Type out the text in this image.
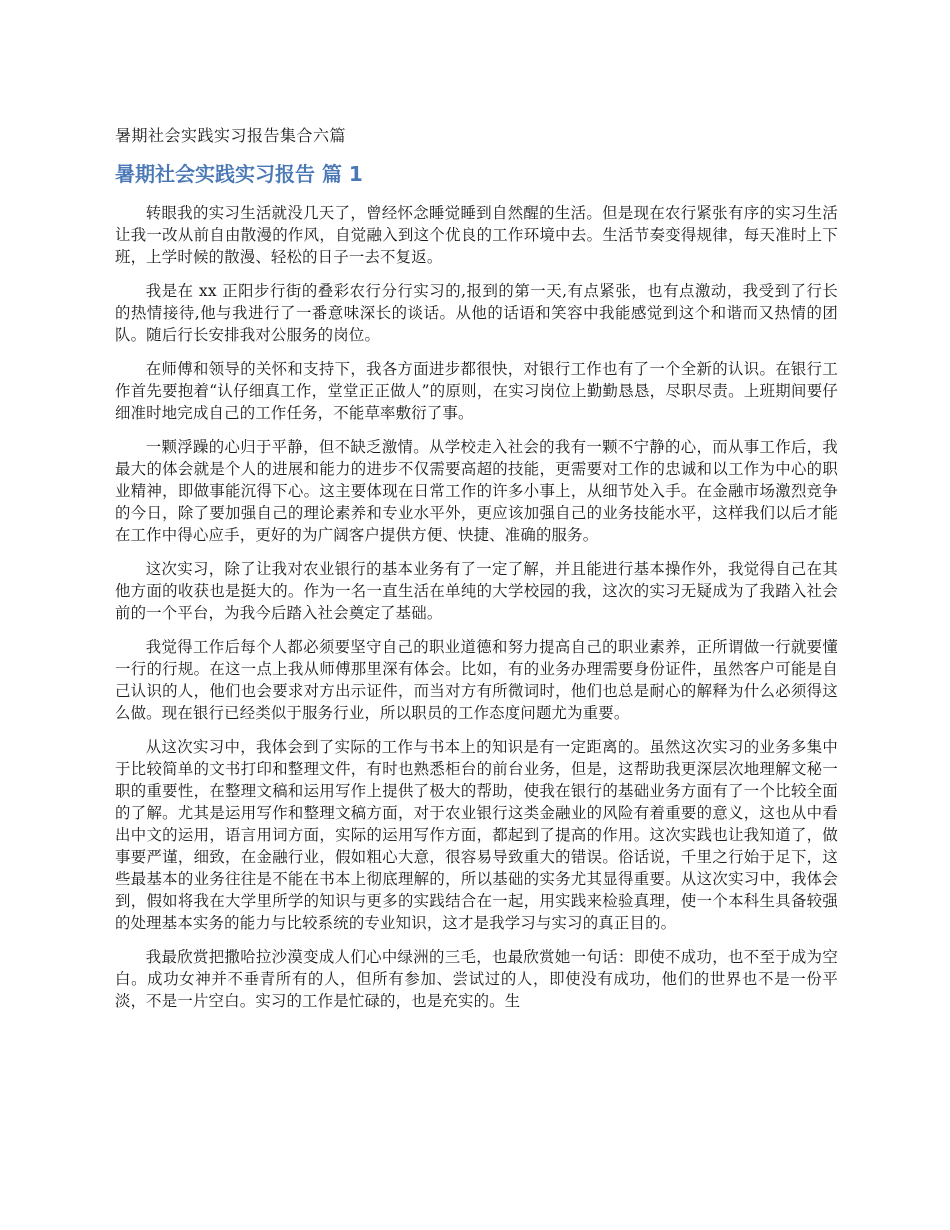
暑期社会实践实习报告集合六篇
暑期社会实践实习报告 篇 1

转眼我的实习生活就没几天了，曾经怀念睡觉睡到自然醒的生活。但是现在农行紧张有序的实习生活让我一改从前自由散漫的作风，自觉融入到这个优良的工作环境中去。生活节奏变得规律，每天准时上下班，上学时候的散漫、轻松的日子一去不复返。

我是在 xx 正阳步行街的叠彩农行分行实习的,报到的第一天,有点紧张，也有点激动，我受到了行长的热情接待,他与我进行了一番意味深长的谈话。从他的话语和笑容中我能感觉到这个和谐而又热情的团队。随后行长安排我对公服务的岗位。

在师傅和领导的关怀和支持下，我各方面进步都很快，对银行工作也有了一个全新的认识。在银行工作首先要抱着“认仔细真工作，堂堂正正做人”的原则，在实习岗位上勤勤恳恳，尽职尽责。上班期间要仔细准时地完成自己的工作任务，不能草率敷衍了事。

一颗浮躁的心归于平静，但不缺乏激情。从学校走入社会的我有一颗不宁静的心，而从事工作后，我最大的体会就是个人的进展和能力的进步不仅需要高超的技能，更需要对工作的忠诚和以工作为中心的职业精神，即做事能沉得下心。这主要体现在日常工作的许多小事上，从细节处入手。在金融市场激烈竞争的今日，除了要加强自己的理论素养和专业水平外，更应该加强自己的业务技能水平，这样我们以后才能在工作中得心应手，更好的为广阔客户提供方便、快捷、准确的服务。

这次实习，除了让我对农业银行的基本业务有了一定了解，并且能进行基本操作外，我觉得自己在其他方面的收获也是挺大的。作为一名一直生活在单纯的大学校园的我，这次的实习无疑成为了我踏入社会前的一个平台，为我今后踏入社会奠定了基础。

我觉得工作后每个人都必须要坚守自己的职业道德和努力提高自己的职业素养，正所谓做一行就要懂一行的行规。在这一点上我从师傅那里深有体会。比如，有的业务办理需要身份证件，虽然客户可能是自己认识的人，他们也会要求对方出示证件，而当对方有所微词时，他们也总是耐心的解释为什么必须得这么做。现在银行已经类似于服务行业，所以职员的工作态度问题尤为重要。

从这次实习中，我体会到了实际的工作与书本上的知识是有一定距离的。虽然这次实习的业务多集中于比较简单的文书打印和整理文件，有时也熟悉柜台的前台业务，但是，这帮助我更深层次地理解文秘一职的重要性，在整理文稿和运用写作上提供了极大的帮助，使我在银行的基础业务方面有了一个比较全面的了解。尤其是运用写作和整理文稿方面，对于农业银行这类金融业的风险有着重要的意义，这也从中看出中文的运用，语言用词方面，实际的运用写作方面，都起到了提高的作用。这次实践也让我知道了，做事要严谨，细致，在金融行业，假如粗心大意，很容易导致重大的错误。俗话说，千里之行始于足下，这些最基本的业务往往是不能在书本上彻底理解的，所以基础的实务尤其显得重要。从这次实习中，我体会到，假如将我在大学里所学的知识与更多的实践结合在一起，用实践来检验真理，使一个本科生具备较强的处理基本实务的能力与比较系统的专业知识，这才是我学习与实习的真正目的。

我最欣赏把撒哈拉沙漠变成人们心中绿洲的三毛，也最欣赏她一句话：即使不成功，也不至于成为空白。成功女神并不垂青所有的人，但所有参加、尝试过的人，即使没有成功，他们的世界也不是一份平淡，不是一片空白。实习的工作是忙碌的，也是充实的。生
